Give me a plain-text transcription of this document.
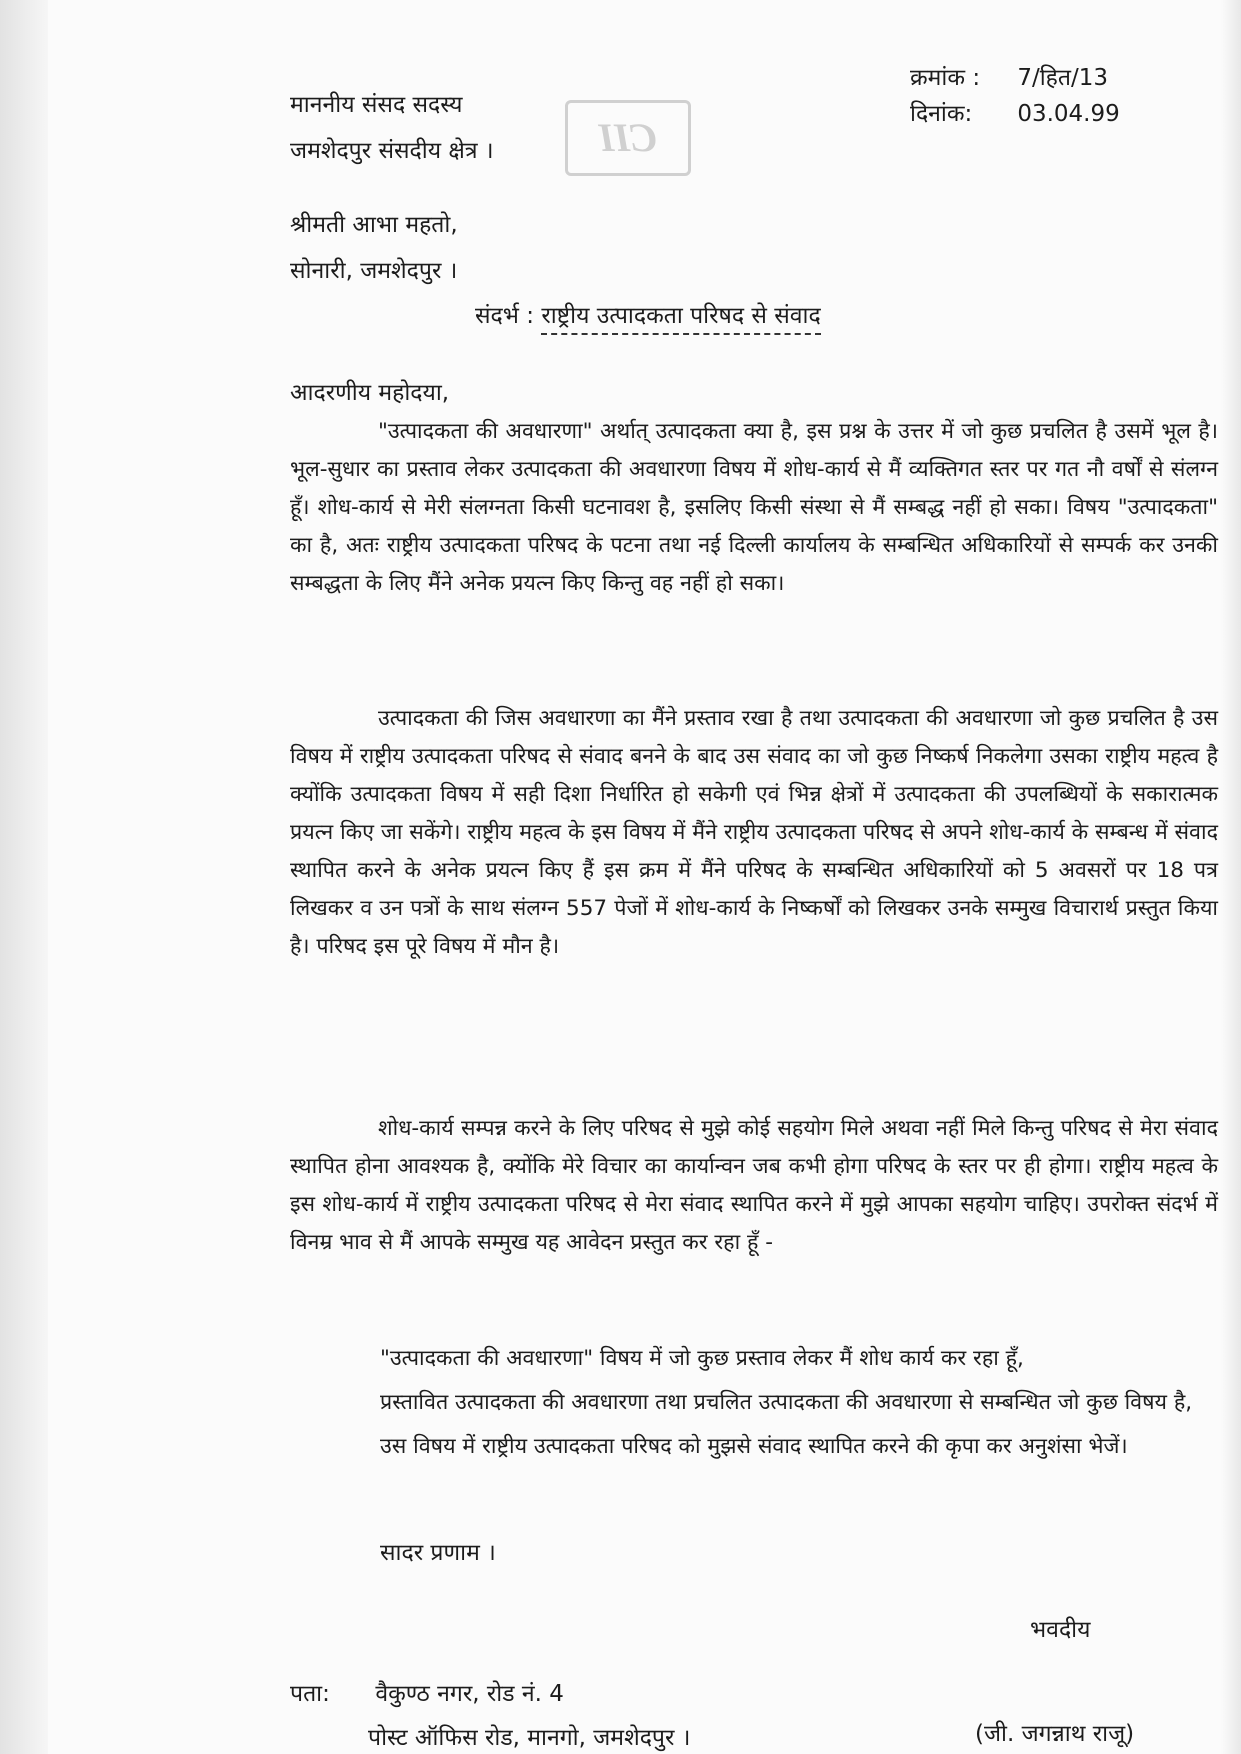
CII
क्रमांक : 7/हित/13
दिनांक: 03.04.99
माननीय संसद सदस्य
जमशेदपुर संसदीय क्षेत्र ।
श्रीमती आभा महतो,
सोनारी, जमशेदपुर ।
संदर्भ : राष्ट्रीय उत्पादकता परिषद से संवाद
आदरणीय महोदया,

"उत्पादकता की अवधारणा" अर्थात् उत्पादकता क्या है, इस प्रश्न के उत्तर में जो कुछ प्रचलित है उसमें भूल है। भूल-सुधार का प्रस्ताव लेकर उत्पादकता की अवधारणा विषय में शोध-कार्य से मैं व्यक्तिगत स्तर पर गत नौ वर्षों से संलग्न हूँ। शोध-कार्य से मेरी संलग्नता किसी घटनावश है, इसलिए किसी संस्था से मैं सम्बद्ध नहीं हो सका। विषय "उत्पादकता" का है, अतः राष्ट्रीय उत्पादकता परिषद के पटना तथा नई दिल्ली कार्यालय के सम्बन्धित अधिकारियों से सम्पर्क कर उनकी सम्बद्धता के लिए मैंने अनेक प्रयत्न किए किन्तु वह नहीं हो सका।

उत्पादकता की जिस अवधारणा का मैंने प्रस्ताव रखा है तथा उत्पादकता की अवधारणा जो कुछ प्रचलित है उस विषय में राष्ट्रीय उत्पादकता परिषद से संवाद बनने के बाद उस संवाद का जो कुछ निष्कर्ष निकलेगा उसका राष्ट्रीय महत्व है क्योंकि उत्पादकता विषय में सही दिशा निर्धारित हो सकेगी एवं भिन्न क्षेत्रों में उत्पादकता की उपलब्धियों के सकारात्मक प्रयत्न किए जा सकेंगे। राष्ट्रीय महत्व के इस विषय में मैंने राष्ट्रीय उत्पादकता परिषद से अपने शोध-कार्य के सम्बन्ध में संवाद स्थापित करने के अनेक प्रयत्न किए हैं इस क्रम में मैंने परिषद के सम्बन्धित अधिकारियों को 5 अवसरों पर 18 पत्र लिखकर व उन पत्रों के साथ संलग्न 557 पेजों में शोध-कार्य के निष्कर्षों को लिखकर उनके सम्मुख विचारार्थ प्रस्तुत किया है। परिषद इस पूरे विषय में मौन है।

शोध-कार्य सम्पन्न करने के लिए परिषद से मुझे कोई सहयोग मिले अथवा नहीं मिले किन्तु परिषद से मेरा संवाद स्थापित होना आवश्यक है, क्योंकि मेरे विचार का कार्यान्वन जब कभी होगा परिषद के स्तर पर ही होगा। राष्ट्रीय महत्व के इस शोध-कार्य में राष्ट्रीय उत्पादकता परिषद से मेरा संवाद स्थापित करने में मुझे आपका सहयोग चाहिए। उपरोक्त संदर्भ में विनम्र भाव से मैं आपके सम्मुख यह आवेदन प्रस्तुत कर रहा हूँ -

"उत्पादकता की अवधारणा" विषय में जो कुछ प्रस्ताव लेकर मैं शोध कार्य कर रहा हूँ,
प्रस्तावित उत्पादकता की अवधारणा तथा प्रचलित उत्पादकता की अवधारणा से सम्बन्धित जो कुछ विषय है,
उस विषय में राष्ट्रीय उत्पादकता परिषद को मुझसे संवाद स्थापित करने की कृपा कर अनुशंसा भेजें।
सादर प्रणाम ।
भवदीय
पता: वैकुण्ठ नगर, रोड नं. 4
पोस्ट ऑफिस रोड, मानगो, जमशेदपुर ।	(जी. जगन्नाथ राजू)
